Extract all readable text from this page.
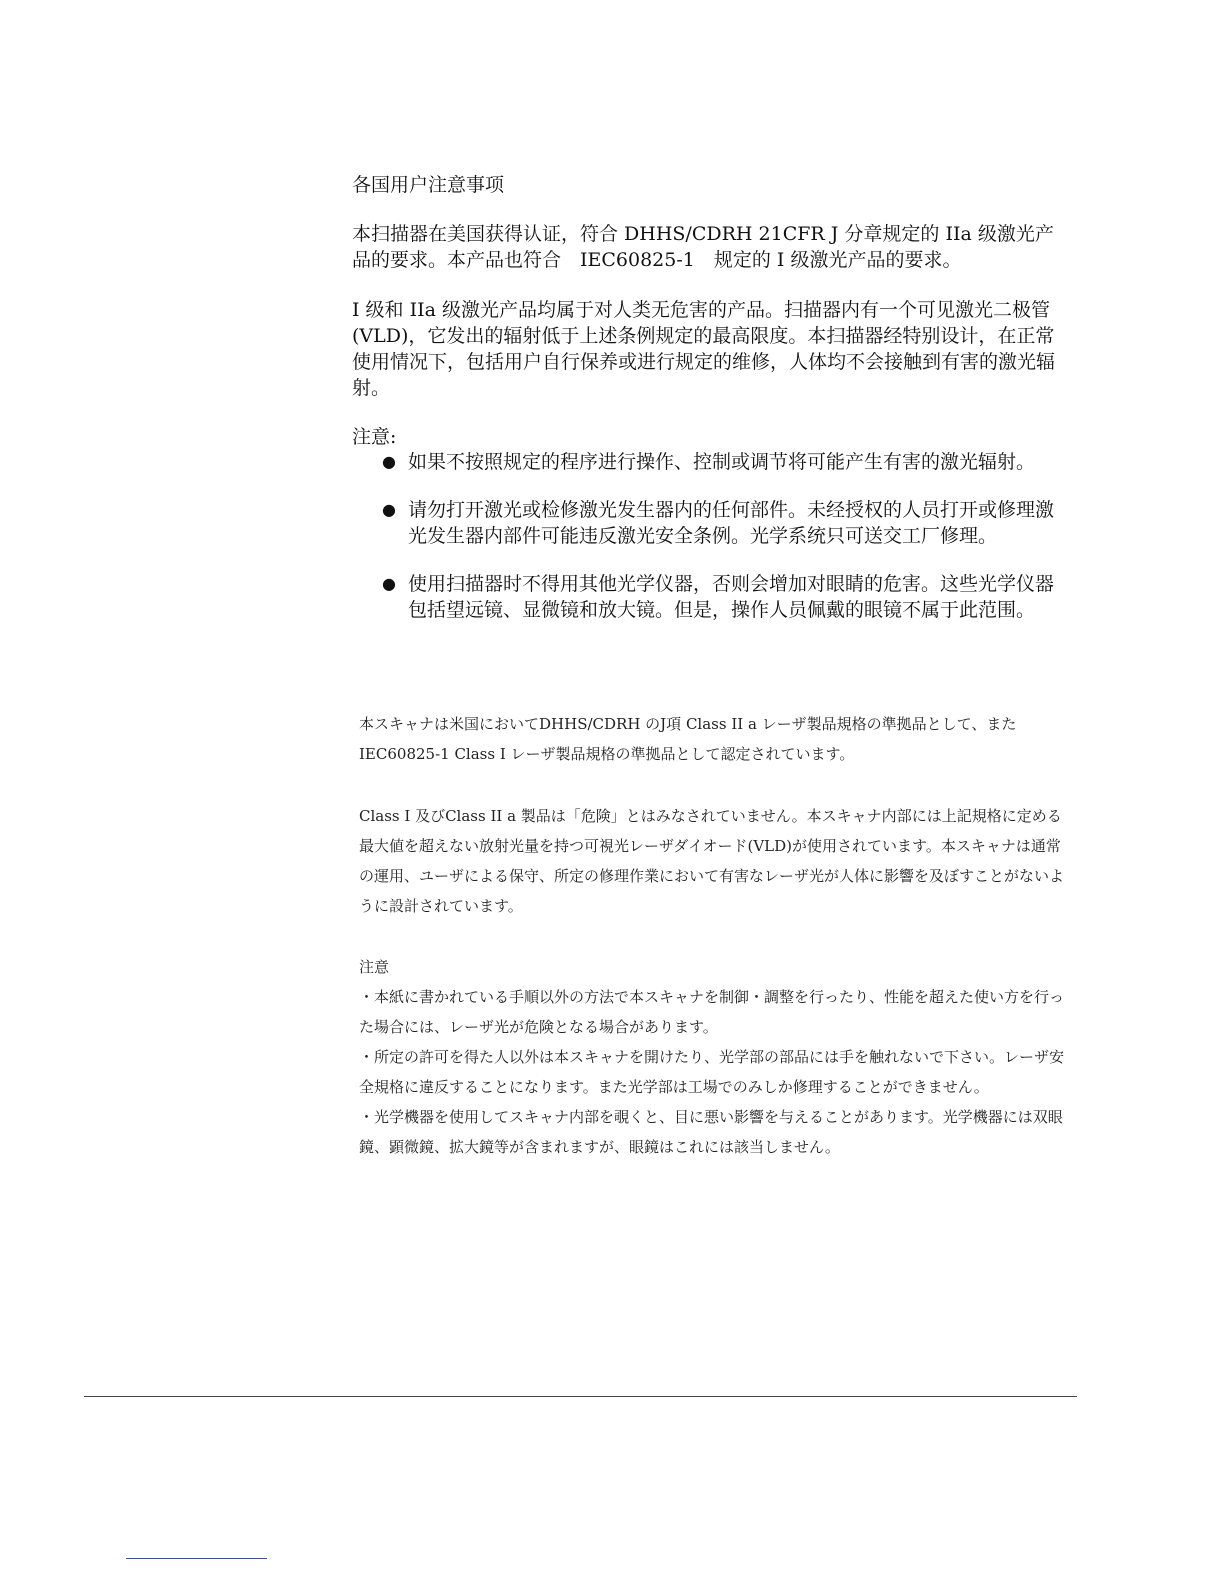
各国用户注意事项
本扫描器在美国获得认证，符合 DHHS/CDRH 21CFR J 分章规定的 IIa 级激光产品的要求。本产品也符合　IEC60825-1　规定的 I 级激光产品的要求。
I 级和 IIa 级激光产品均属于对人类无危害的产品。扫描器内有一个可见激光二极管(VLD)，它发出的辐射低于上述条例规定的最高限度。本扫描器经特别设计，在正常使用情况下，包括用户自行保养或进行规定的维修，人体均不会接触到有害的激光辐射。
注意:
● 如果不按照规定的程序进行操作、控制或调节将可能产生有害的激光辐射。
● 请勿打开激光或检修激光发生器内的任何部件。未经授权的人员打开或修理激光发生器内部件可能违反激光安全条例。光学系统只可送交工厂修理。
● 使用扫描器时不得用其他光学仪器，否则会增加对眼睛的危害。这些光学仪器包括望远镜、显微镜和放大镜。但是，操作人员佩戴的眼镜不属于此范围。
本スキャナは米国においてDHHS/CDRH のJ項 Class II a レーザ製品規格の準拠品として、また　IEC60825-1 Class I レーザ製品規格の準拠品として認定されています。
Class I 及びClass II a 製品は「危険」とはみなされていません。本スキャナ内部には上記規格に定める最大値を超えない放射光量を持つ可視光レーザダイオード(VLD)が使用されています。本スキャナは通常の運用、ユーザによる保守、所定の修理作業において有害なレーザ光が人体に影響を及ぼすことがないように設計されています。
注意
・本紙に書かれている手順以外の方法で本スキャナを制御・調整を行ったり、性能を超えた使い方を行った場合には、レーザ光が危険となる場合があります。
・所定の許可を得た人以外は本スキャナを開けたり、光学部の部品には手を触れないで下さい。レーザ安全規格に違反することになります。また光学部は工場でのみしか修理することができません。
・光学機器を使用してスキャナ内部を覗くと、目に悪い影響を与えることがあります。光学機器には双眼鏡、顕微鏡、拡大鏡等が含まれますが、眼鏡はこれには該当しません。
